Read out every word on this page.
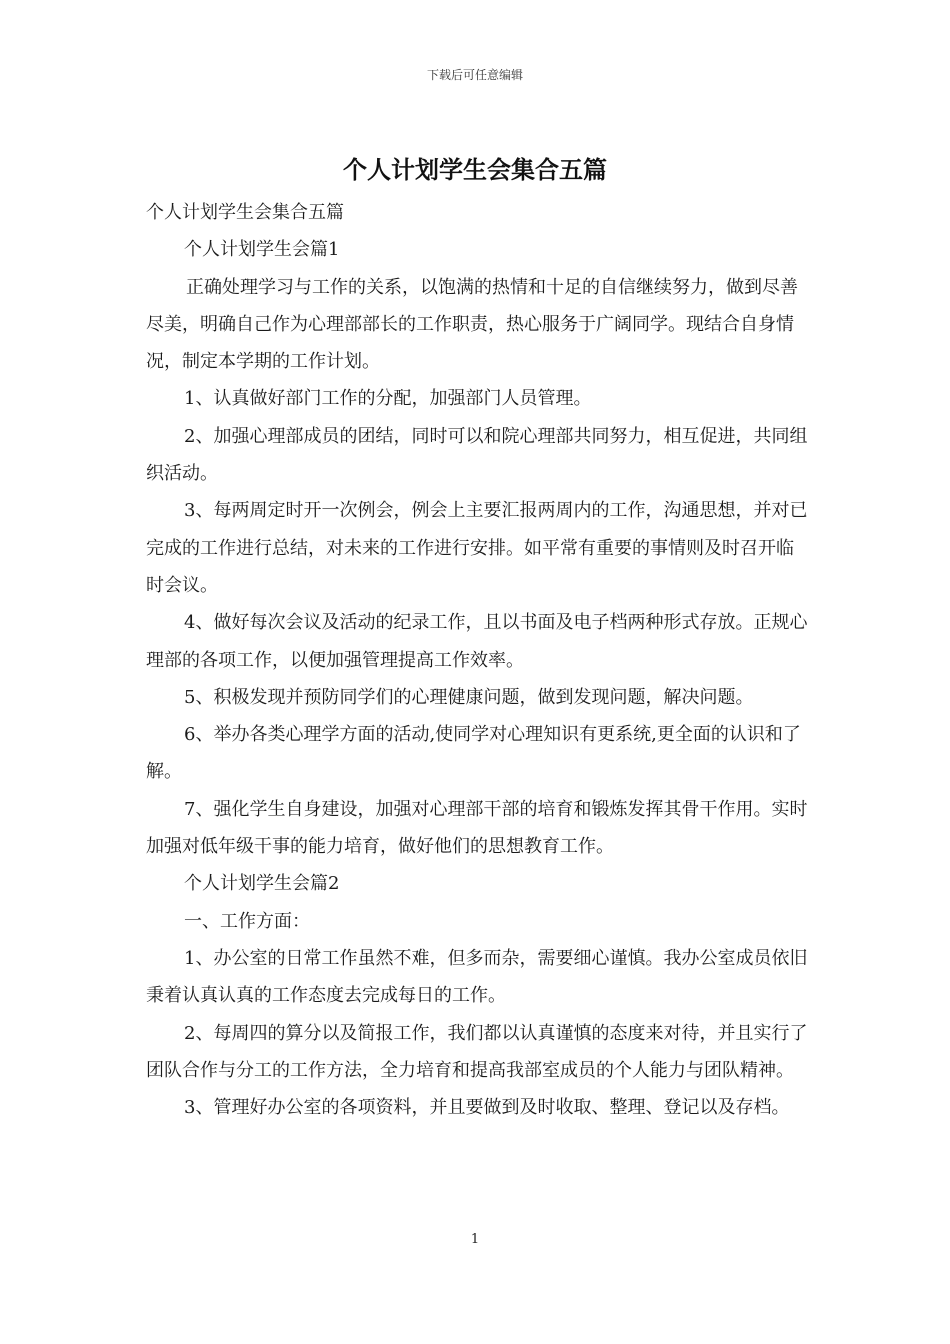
下载后可任意编辑
个人计划学生会集合五篇

个人计划学生会集合五篇

个人计划学生会篇1

正确处理学习与工作的关系，以饱满的热情和十足的自信继续努力，做到尽善尽美，明确自己作为心理部部长的工作职责，热心服务于广阔同学。现结合自身情况，制定本学期的工作计划。

1、认真做好部门工作的分配，加强部门人员管理。

2、加强心理部成员的团结，同时可以和院心理部共同努力，相互促进，共同组织活动。

3、每两周定时开一次例会，例会上主要汇报两周内的工作，沟通思想，并对已完成的工作进行总结，对未来的工作进行安排。如平常有重要的事情则及时召开临时会议。

4、做好每次会议及活动的纪录工作，且以书面及电子档两种形式存放。正规心理部的各项工作，以便加强管理提高工作效率。

5、积极发现并预防同学们的心理健康问题，做到发现问题，解决问题。

6、举办各类心理学方面的活动,使同学对心理知识有更系统,更全面的认识和了解。

7、强化学生自身建设，加强对心理部干部的培育和锻炼发挥其骨干作用。实时加强对低年级干事的能力培育，做好他们的思想教育工作。

个人计划学生会篇2

一、工作方面：

1、办公室的日常工作虽然不难，但多而杂，需要细心谨慎。我办公室成员依旧秉着认真认真的工作态度去完成每日的工作。

2、每周四的算分以及简报工作，我们都以认真谨慎的态度来对待，并且实行了团队合作与分工的工作方法，全力培育和提高我部室成员的个人能力与团队精神。

3、管理好办公室的各项资料，并且要做到及时收取、整理、登记以及存档。

1
